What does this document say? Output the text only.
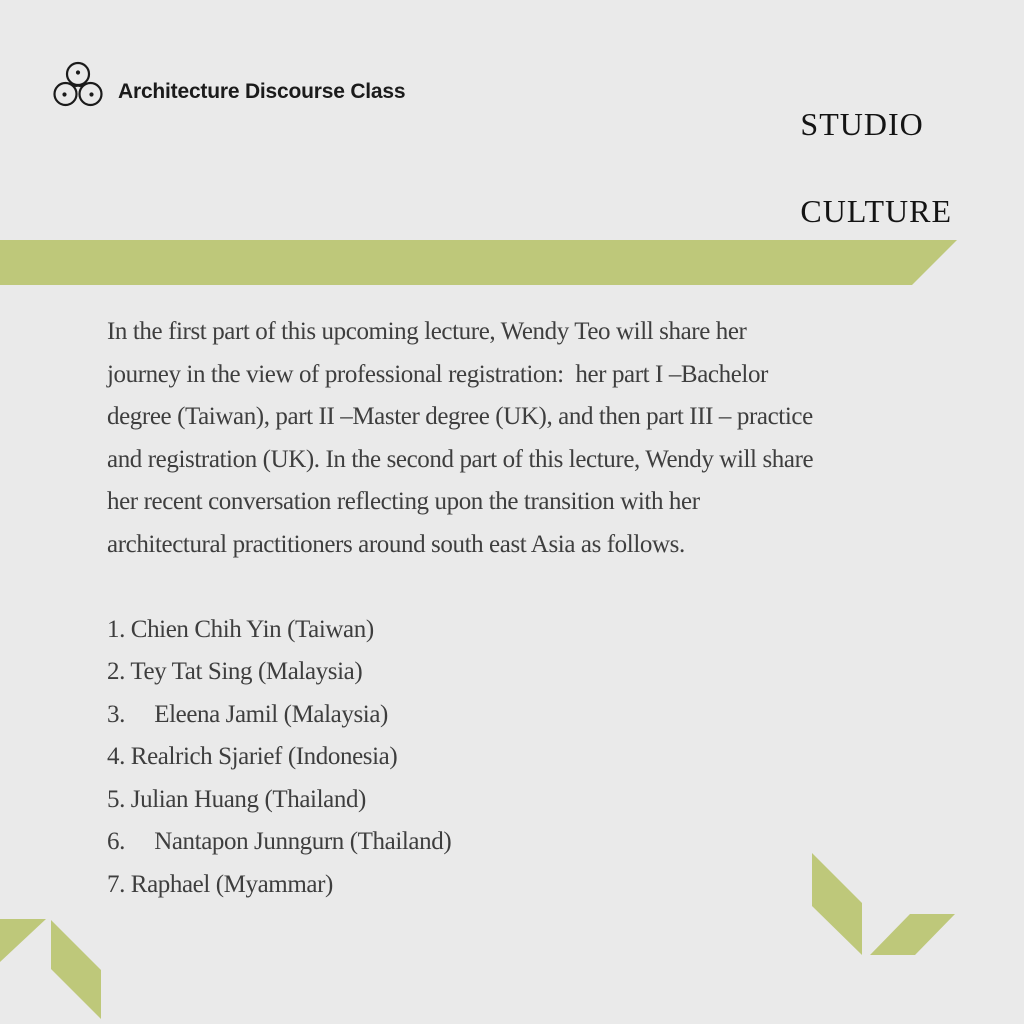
Architecture Discourse Class

STUDIO

CULTURE

In the first part of this upcoming lecture, Wendy Teo will share her
journey in the view of professional registration:  her part I –Bachelor
degree (Taiwan), part II –Master degree (UK), and then part III – practice
and registration (UK). In the second part of this lecture, Wendy will share
her recent conversation reflecting upon the transition with her
architectural practitioners around south east Asia as follows.
1. Chien Chih Yin (Taiwan)
2. Tey Tat Sing (Malaysia)
3.     Eleena Jamil (Malaysia)
4. Realrich Sjarief (Indonesia)
5. Julian Huang (Thailand)
6.     Nantapon Junngurn (Thailand)
7. Raphael (Myammar)
